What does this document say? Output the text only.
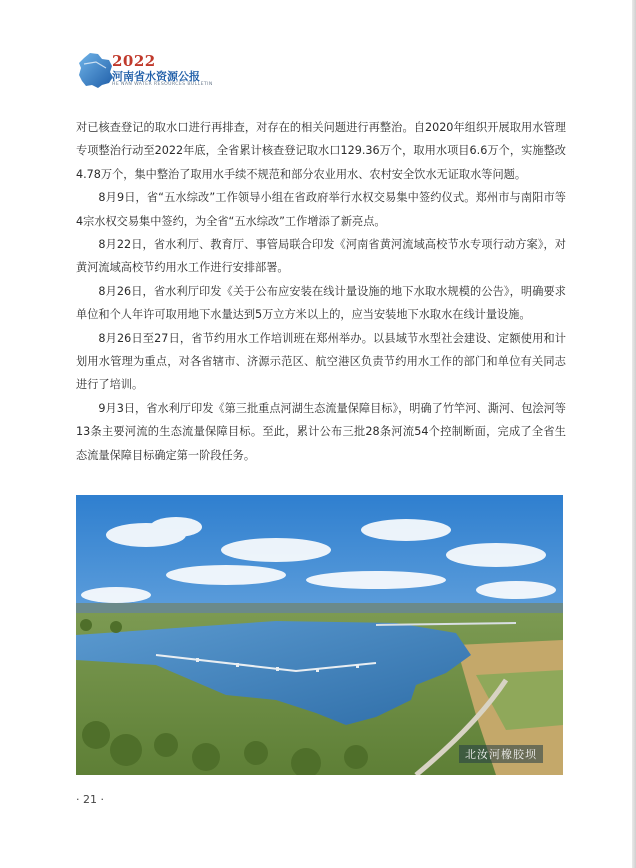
2022
河南省水资源公报
HE NAN WATER RESOURCES BULLETIN

对已核查登记的取水口进行再排查，对存在的相关问题进行再整治。自2020年组织开展取用水管理专项整治行动至2022年底，全省累计核查登记取水口129.36万个，取用水项目6.6万个，实施整改4.78万个，集中整治了取用水手续不规范和部分农业用水、农村安全饮水无证取水等问题。

8月9日，省“五水综改”工作领导小组在省政府举行水权交易集中签约仪式。郑州市与南阳市等4宗水权交易集中签约，为全省“五水综改”工作增添了新亮点。

8月22日，省水利厅、教育厅、事管局联合印发《河南省黄河流域高校节水专项行动方案》，对黄河流域高校节约用水工作进行安排部署。

8月26日，省水利厅印发《关于公布应安装在线计量设施的地下水取水规模的公告》，明确要求单位和个人年许可取用地下水量达到5万立方米以上的，应当安装地下水取水在线计量设施。

8月26日至27日，省节约用水工作培训班在郑州举办。以县域节水型社会建设、定额使用和计划用水管理为重点，对各省辖市、济源示范区、航空港区负责节约用水工作的部门和单位有关同志进行了培训。

9月3日，省水利厅印发《第三批重点河湖生态流量保障目标》，明确了竹竿河、澌河、包浍河等13条主要河流的生态流量保障目标。至此，累计公布三批28条河流54个控制断面，完成了全省生态流量保障目标确定第一阶段任务。

北汝河橡胶坝
· 21 ·
